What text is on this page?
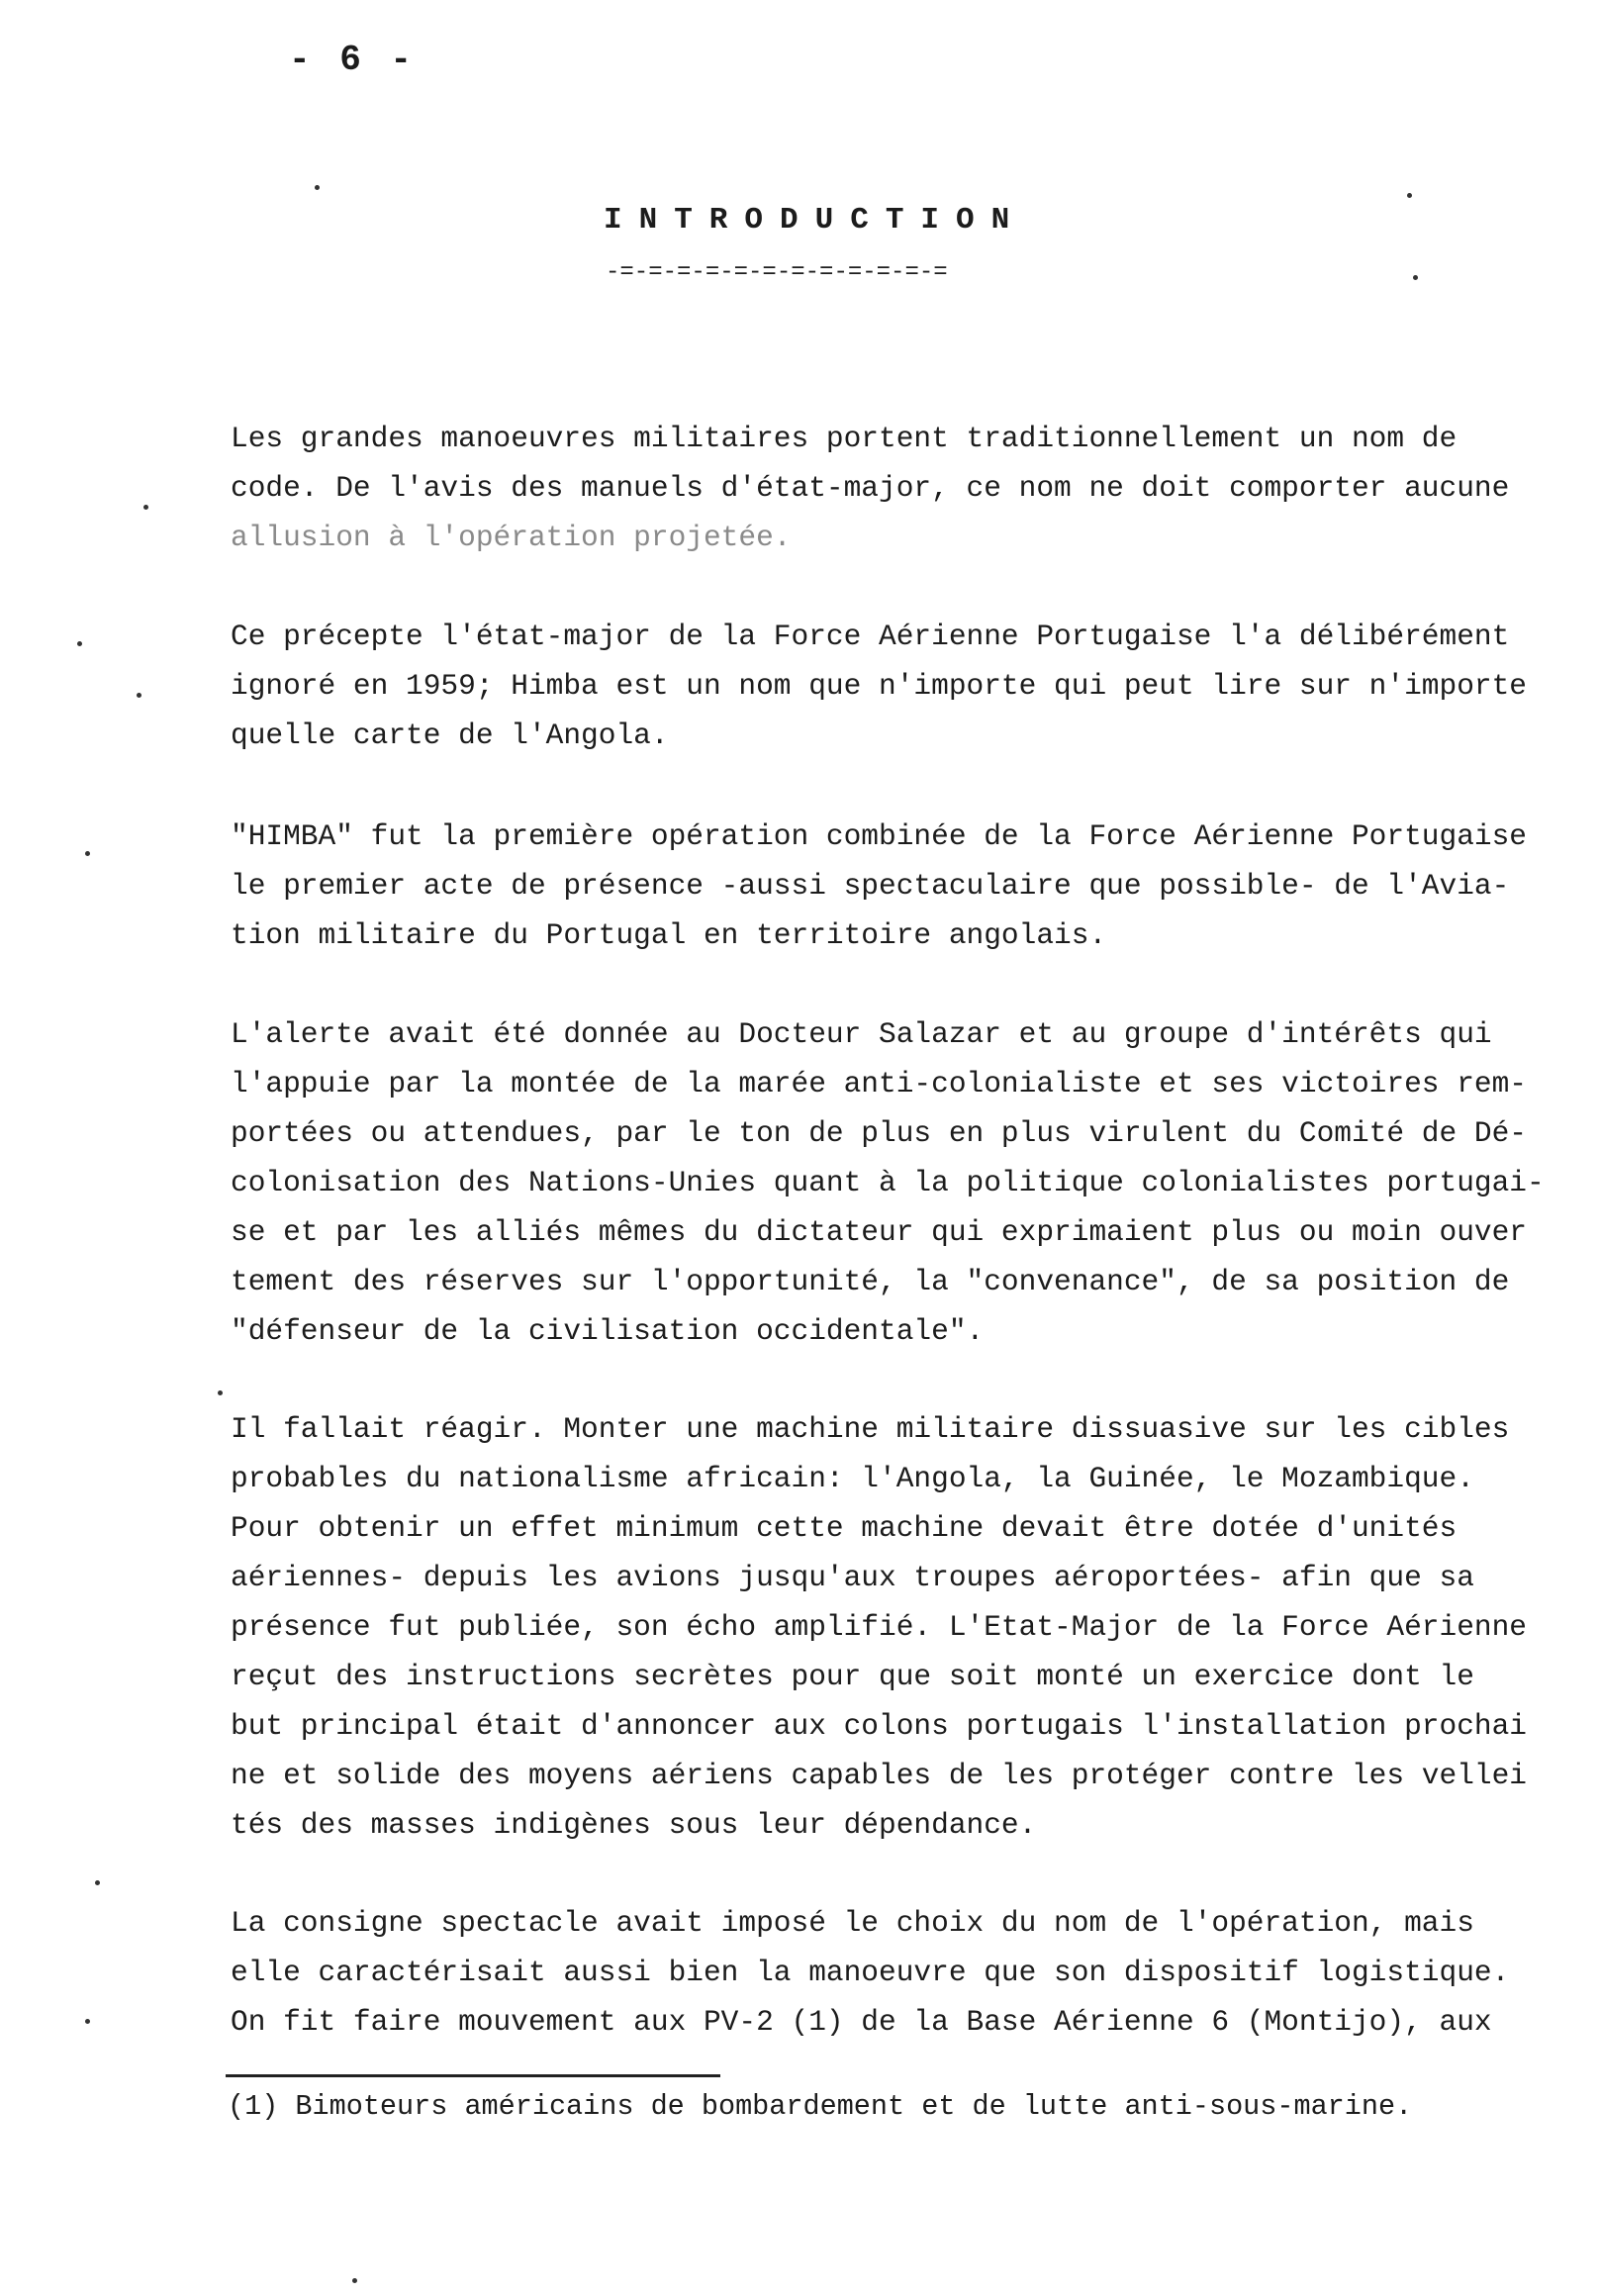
- 6 -
INTRODUCTION
-=-=-=-=-=-=-=-=-=-=-=-=
Les grandes manoeuvres militaires portent traditionnellement un nom de
code. De l'avis des manuels d'état-major, ce nom ne doit comporter aucune
allusion à l'opération projetée.
Ce précepte l'état-major de la Force Aérienne Portugaise l'a délibérément
ignoré en 1959; Himba est un nom que n'importe qui peut lire sur n'importe
quelle carte de l'Angola.
"HIMBA" fut la première opération combinée de la Force Aérienne Portugaise
le premier acte de présence -aussi spectaculaire que possible- de l'Avia-
tion militaire du Portugal en territoire angolais.
L'alerte avait été donnée au Docteur Salazar et au groupe d'intérêts qui
l'appuie par la montée de la marée anti-colonialiste et ses victoires rem-
portées ou attendues, par le ton de plus en plus virulent du Comité de Dé-
colonisation des Nations-Unies quant à la politique colonialistes portugai-
se et par les alliés mêmes du dictateur qui exprimaient plus ou moin ouver
tement des réserves sur l'opportunité, la "convenance", de sa position de
"défenseur de la civilisation occidentale".
Il fallait réagir. Monter une machine militaire dissuasive sur les cibles
probables du nationalisme africain: l'Angola, la Guinée, le Mozambique.
Pour obtenir un effet minimum cette machine devait être dotée d'unités
aériennes- depuis les avions jusqu'aux troupes aéroportées- afin que sa
présence fut publiée, son écho amplifié. L'Etat-Major de la Force Aérienne
reçut des instructions secrètes pour que soit monté un exercice dont le
but principal était d'annoncer aux colons portugais l'installation prochai
ne et solide des moyens aériens capables de les protéger contre les vellei
tés des masses indigènes sous leur dépendance.
La consigne spectacle avait imposé le choix du nom de l'opération, mais
elle caractérisait aussi bien la manoeuvre que son dispositif logistique.
On fit faire mouvement aux PV-2 (1) de la Base Aérienne 6 (Montijo), aux
(1) Bimoteurs américains de bombardement et de lutte anti-sous-marine.
